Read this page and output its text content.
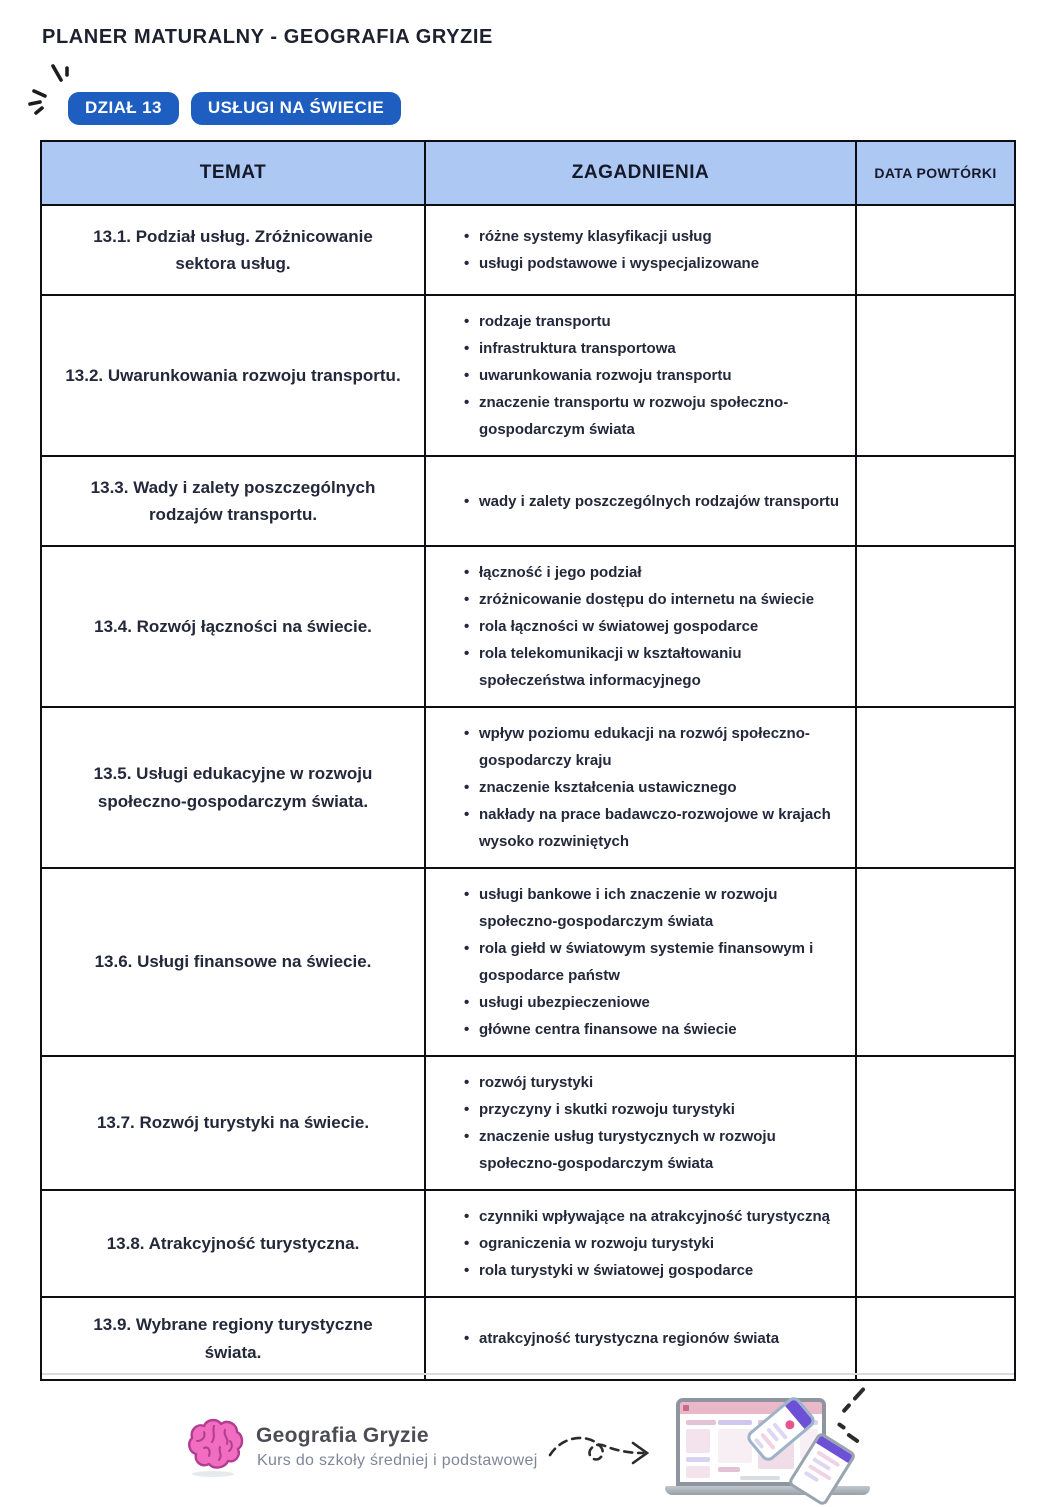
PLANER MATURALNY - GEOGRAFIA GRYZIE
DZIAŁ 13	USŁUGI NA ŚWIECIE
TEMAT	ZAGADNIENIA	DATA POWTÓRKI
13.1. Podział usług. Zróżnicowanie sektora usług.	
• różne systemy klasyfikacji usług
• usługi podstawowe i wyspecjalizowane

13.2. Uwarunkowania rozwoju transportu.	
• rodzaje transportu
• infrastruktura transportowa
• uwarunkowania rozwoju transportu
• znaczenie transportu w rozwoju społeczno-gospodarczym świata

13.3. Wady i zalety poszczególnych rodzajów transportu.	
• wady i zalety poszczególnych rodzajów transportu

13.4. Rozwój łączności na świecie.	
• łączność i jego podział
• zróżnicowanie dostępu do internetu na świecie
• rola łączności w światowej gospodarce
• rola telekomunikacji w kształtowaniu społeczeństwa informacyjnego

13.5. Usługi edukacyjne w rozwoju społeczno-gospodarczym świata.	
• wpływ poziomu edukacji na rozwój społeczno-gospodarczy kraju
• znaczenie kształcenia ustawicznego
• nakłady na prace badawczo-rozwojowe w krajach wysoko rozwiniętych

13.6. Usługi finansowe na świecie.	
• usługi bankowe i ich znaczenie w rozwoju społeczno-gospodarczym świata
• rola giełd w światowym systemie finansowym i gospodarce państw
• usługi ubezpieczeniowe
• główne centra finansowe na świecie

13.7. Rozwój turystyki na świecie.	
• rozwój turystyki
• przyczyny i skutki rozwoju turystyki
• znaczenie usług turystycznych w rozwoju społeczno-gospodarczym świata

13.8. Atrakcyjność turystyczna.	
• czynniki wpływające na atrakcyjność turystyczną
• ograniczenia w rozwoju turystyki
• rola turystyki w światowej gospodarce

13.9. Wybrane regiony turystyczne świata.	
• atrakcyjność turystyczna regionów świata

Geografia Gryzie
Kurs do szkoły średniej i podstawowej
